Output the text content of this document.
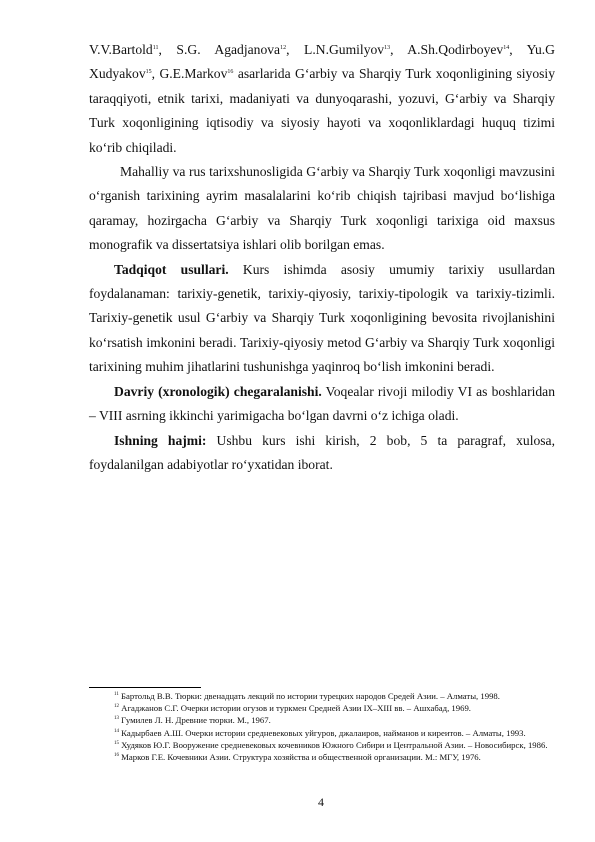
V.V.Bartold$^{11}$, S.G. Agadjanova$^{12}$, L.N.Gumilyov$^{13}$, A.Sh.Qodirboyev$^{14}$, Yu.G Xudyakov$^{15}$, G.E.Markov$^{16}$ asarlarida G‘arbiy va Sharqiy Turk xoqonligining siyosiy taraqqiyoti, etnik tarixi, madaniyati va dunyoqarashi, yozuvi, G‘arbiy va Sharqiy Turk xoqonligining iqtisodiy va siyosiy hayoti va xoqonliklardagi huquq tizimi ko‘rib chiqiladi.

Mahalliy va rus tarixshunosligida G‘arbiy va Sharqiy Turk xoqonligi mavzusini o‘rganish tarixining ayrim masalalarini ko‘rib chiqish tajribasi mavjud bo‘lishiga qaramay, hozirgacha G‘arbiy va Sharqiy Turk xoqonligi tarixiga oid maxsus monografik va dissertatsiya ishlari olib borilgan emas.

Tadqiqot usullari. Kurs ishimda asosiy umumiy tarixiy usullardan foydalanaman: tarixiy-genetik, tarixiy-qiyosiy, tarixiy-tipologik va tarixiy-tizimli. Tarixiy-genetik usul G‘arbiy va Sharqiy Turk xoqonligining bevosita rivojlanishini ko‘rsatish imkonini beradi. Tarixiy-qiyosiy metod G‘arbiy va Sharqiy Turk xoqonligi tarixining muhim jihatlarini tushunishga yaqinroq bo‘lish imkonini beradi.

Davriy (xronologik) chegaralanishi. Voqealar rivoji milodiy VI as boshlaridan – VIII asrning ikkinchi yarimigacha bo‘lgan davrni o‘z ichiga oladi.

Ishning hajmi: Ushbu kurs ishi kirish, 2 bob, 5 ta paragraf, xulosa, foydalanilgan adabiyotlar ro‘yxatidan iborat.

$^{11}$ Бартольд В.В. Тюрки: двенадцать лекций по истории турецких народов Средей Азии. – Алматы, 1998.

$^{12}$ Агаджанов С.Г. Очерки истории огузов и туркмен Средней Азии IX–XIII вв. – Ашхабад, 1969.

$^{13}$ Гумилев Л. Н. Древние тюрки. М., 1967.

$^{14}$ Кадырбаев А.Ш. Очерки истории средневековых уйгуров, джалаиров, найманов и киреитов. – Алматы, 1993.

$^{15}$ Худяков Ю.Г. Вооружение средневековых кочевников Южного Сибири и Центральной Азии. – Новосибирск, 1986.

$^{16}$ Марков Г.Е. Кочевники Азии. Структура хозяйства и общественной организации. М.: МГУ, 1976.

4
